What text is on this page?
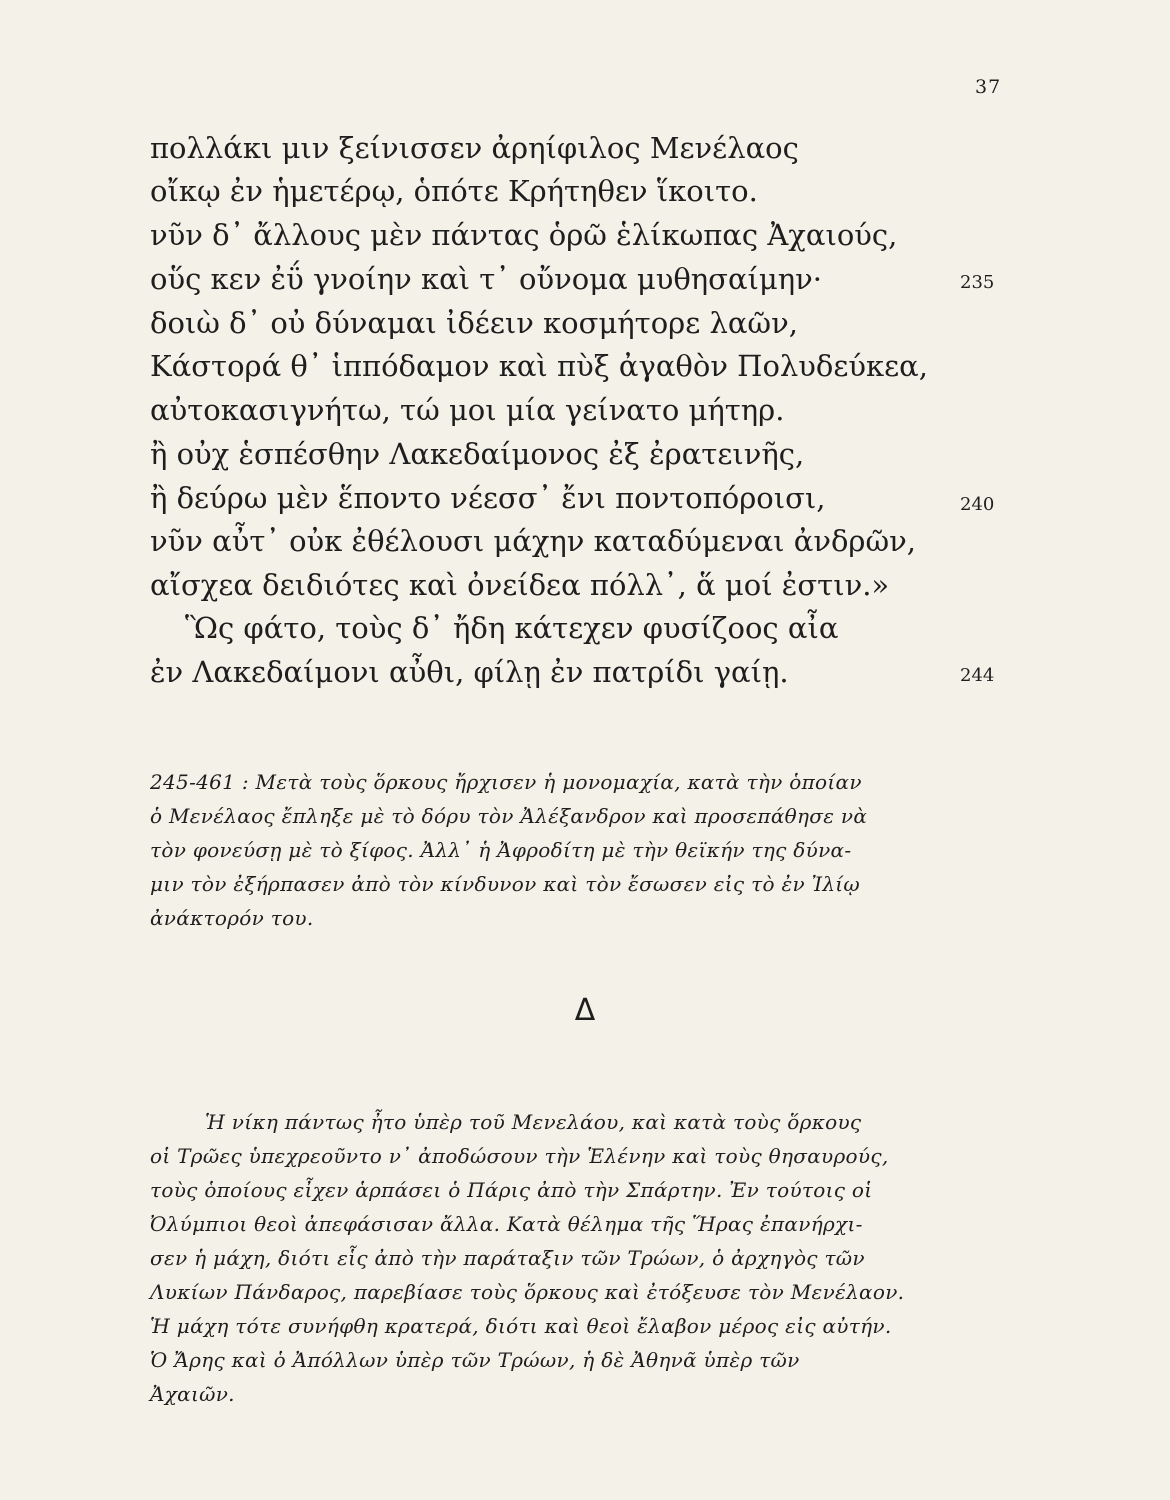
37
πολλάκι μιν ξείνισσεν ἀρηίφιλος Μενέλαος
οἴκῳ ἐν ἡμετέρῳ, ὁπότε Κρήτηθεν ἵκοιτο.
νῦν δ᾽ ἄλλους μὲν πάντας ὁρῶ ἑλίκωπας Ἀχαιούς,
οὕς κεν ἐΰ γνοίην καὶ τ᾽ οὔνομα μυθησαίμην·
δοιὼ δ᾽ οὐ δύναμαι ἰδέειν κοσμήτορε λαῶν,
Κάστορά θ᾽ ἱππόδαμον καὶ πὺξ ἀγαθὸν Πολυδεύκεα,
αὐτοκασιγνήτω, τώ μοι μία γείνατο μήτηρ.
ἢ οὐχ ἑσπέσθην Λακεδαίμονος ἐξ ἐρατεινῆς,
ἢ δεύρω μὲν ἕποντο νέεσσ᾽ ἔνι ποντοπόροισι,
νῦν αὖτ᾽ οὐκ ἐθέλουσι μάχην καταδύμεναι ἀνδρῶν,
αἴσχεα δειδιότες καὶ ὀνείδεα πόλλ᾽, ἅ μοί ἐστιν.»
Ὣς φάτο, τοὺς δ᾽ ἤδη κάτεχεν φυσίζοος αἶα
ἐν Λακεδαίμονι αὖθι, φίλῃ ἐν πατρίδι γαίῃ.
235
240
244
245-461 : Μετὰ τοὺς ὅρκους ἤρχισεν ἡ μονομαχία, κατὰ τὴν ὁποίαν
ὁ Μενέλαος ἔπληξε μὲ τὸ δόρυ τὸν Ἀλέξανδρον καὶ προσεπάθησε νὰ
τὸν φονεύσῃ μὲ τὸ ξίφος. Ἀλλ᾽ ἡ Ἀφροδίτη μὲ τὴν θεϊκήν της δύνα-
μιν τὸν ἐξήρπασεν ἀπὸ τὸν κίνδυνον καὶ τὸν ἔσωσεν εἰς τὸ ἐν Ἰλίῳ
ἀνάκτορόν του.
Δ
Ἡ νίκη πάντως ἦτο ὑπὲρ τοῦ Μενελάου, καὶ κατὰ τοὺς ὅρκους
οἱ Τρῶες ὑπεχρεοῦντο ν᾽ ἀποδώσουν τὴν Ἑλένην καὶ τοὺς θησαυρούς,
τοὺς ὁποίους εἶχεν ἁρπάσει ὁ Πάρις ἀπὸ τὴν Σπάρτην. Ἐν τούτοις οἱ
Ὀλύμπιοι θεοὶ ἀπεφάσισαν ἄλλα. Κατὰ θέλημα τῆς Ἥρας ἐπανήρχι-
σεν ἡ μάχη, διότι εἷς ἀπὸ τὴν παράταξιν τῶν Τρώων, ὁ ἀρχηγὸς τῶν
Λυκίων Πάνδαρος, παρεβίασε τοὺς ὅρκους καὶ ἐτόξευσε τὸν Μενέλαον.
Ἡ μάχη τότε συνήφθη κρατερά, διότι καὶ θεοὶ ἔλαβον μέρος εἰς αὐτήν.
Ὁ Ἄρης καὶ ὁ Ἀπόλλων ὑπὲρ τῶν Τρώων, ἡ δὲ Ἀθηνᾶ ὑπὲρ τῶν
Ἀχαιῶν.
